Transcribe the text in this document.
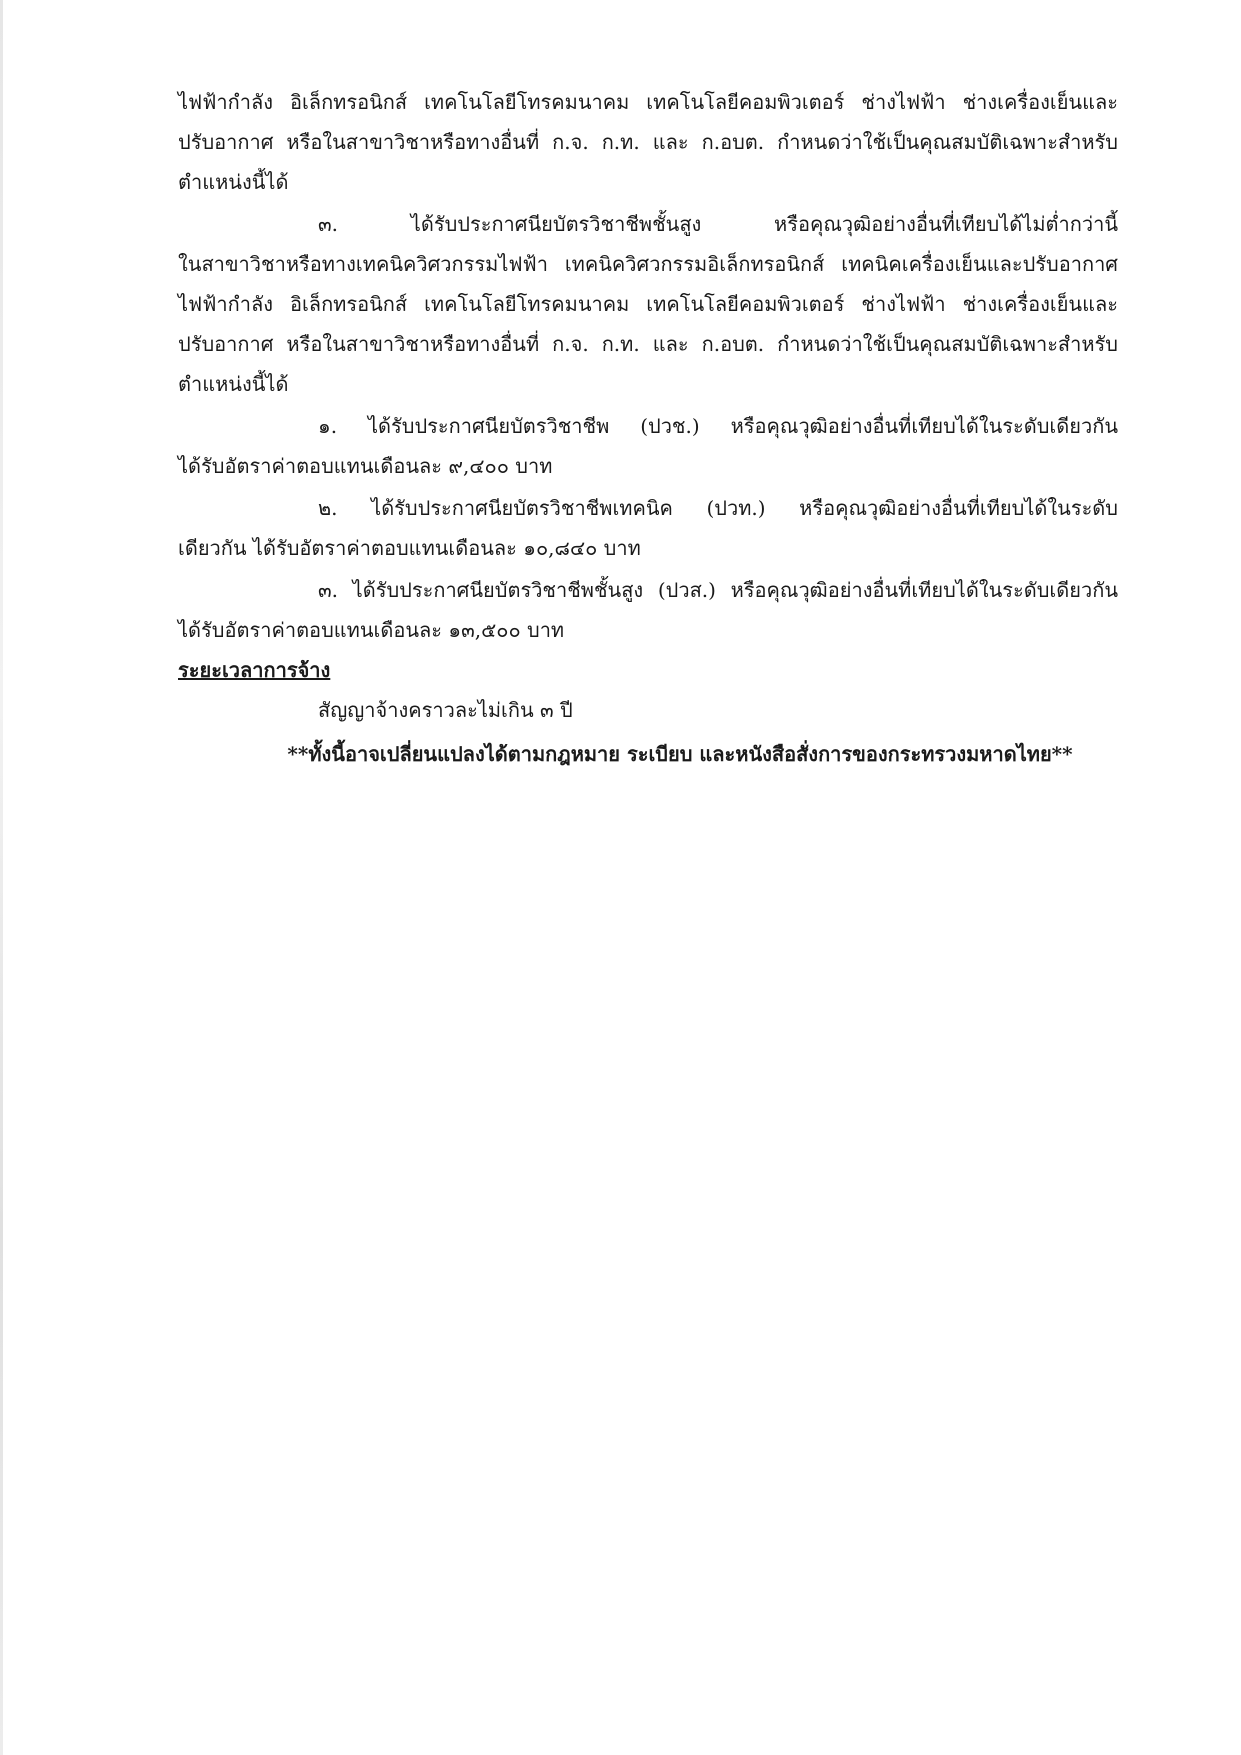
ไฟฟ้ากำลัง อิเล็กทรอนิกส์ เทคโนโลยีโทรคมนาคม เทคโนโลยีคอมพิวเตอร์ ช่างไฟฟ้า ช่างเครื่องเย็นและ
ปรับอากาศ หรือในสาขาวิชาหรือทางอื่นที่ ก.จ. ก.ท. และ ก.อบต. กำหนดว่าใช้เป็นคุณสมบัติเฉพาะสำหรับ
ตำแหน่งนี้ได้
๓. ได้รับประกาศนียบัตรวิชาชีพชั้นสูง หรือคุณวุฒิอย่างอื่นที่เทียบได้ไม่ต่ำกว่านี้
ในสาขาวิชาหรือทางเทคนิควิศวกรรมไฟฟ้า เทคนิควิศวกรรมอิเล็กทรอนิกส์ เทคนิคเครื่องเย็นและปรับอากาศ
ไฟฟ้ากำลัง อิเล็กทรอนิกส์ เทคโนโลยีโทรคมนาคม เทคโนโลยีคอมพิวเตอร์ ช่างไฟฟ้า ช่างเครื่องเย็นและ
ปรับอากาศ หรือในสาขาวิชาหรือทางอื่นที่ ก.จ. ก.ท. และ ก.อบต. กำหนดว่าใช้เป็นคุณสมบัติเฉพาะสำหรับ
ตำแหน่งนี้ได้
๑. ได้รับประกาศนียบัตรวิชาชีพ (ปวช.) หรือคุณวุฒิอย่างอื่นที่เทียบได้ในระดับเดียวกัน
ได้รับอัตราค่าตอบแทนเดือนละ ๙,๔๐๐ บาท
๒. ได้รับประกาศนียบัตรวิชาชีพเทคนิค (ปวท.) หรือคุณวุฒิอย่างอื่นที่เทียบได้ในระดับ
เดียวกัน ได้รับอัตราค่าตอบแทนเดือนละ ๑๐,๘๔๐ บาท
๓. ได้รับประกาศนียบัตรวิชาชีพชั้นสูง (ปวส.) หรือคุณวุฒิอย่างอื่นที่เทียบได้ในระดับเดียวกัน
ได้รับอัตราค่าตอบแทนเดือนละ ๑๓,๕๐๐ บาท
ระยะเวลาการจ้าง
สัญญาจ้างคราวละไม่เกิน ๓ ปี
**ทั้งนี้อาจเปลี่ยนแปลงได้ตามกฎหมาย ระเบียบ และหนังสือสั่งการของกระทรวงมหาดไทย**
